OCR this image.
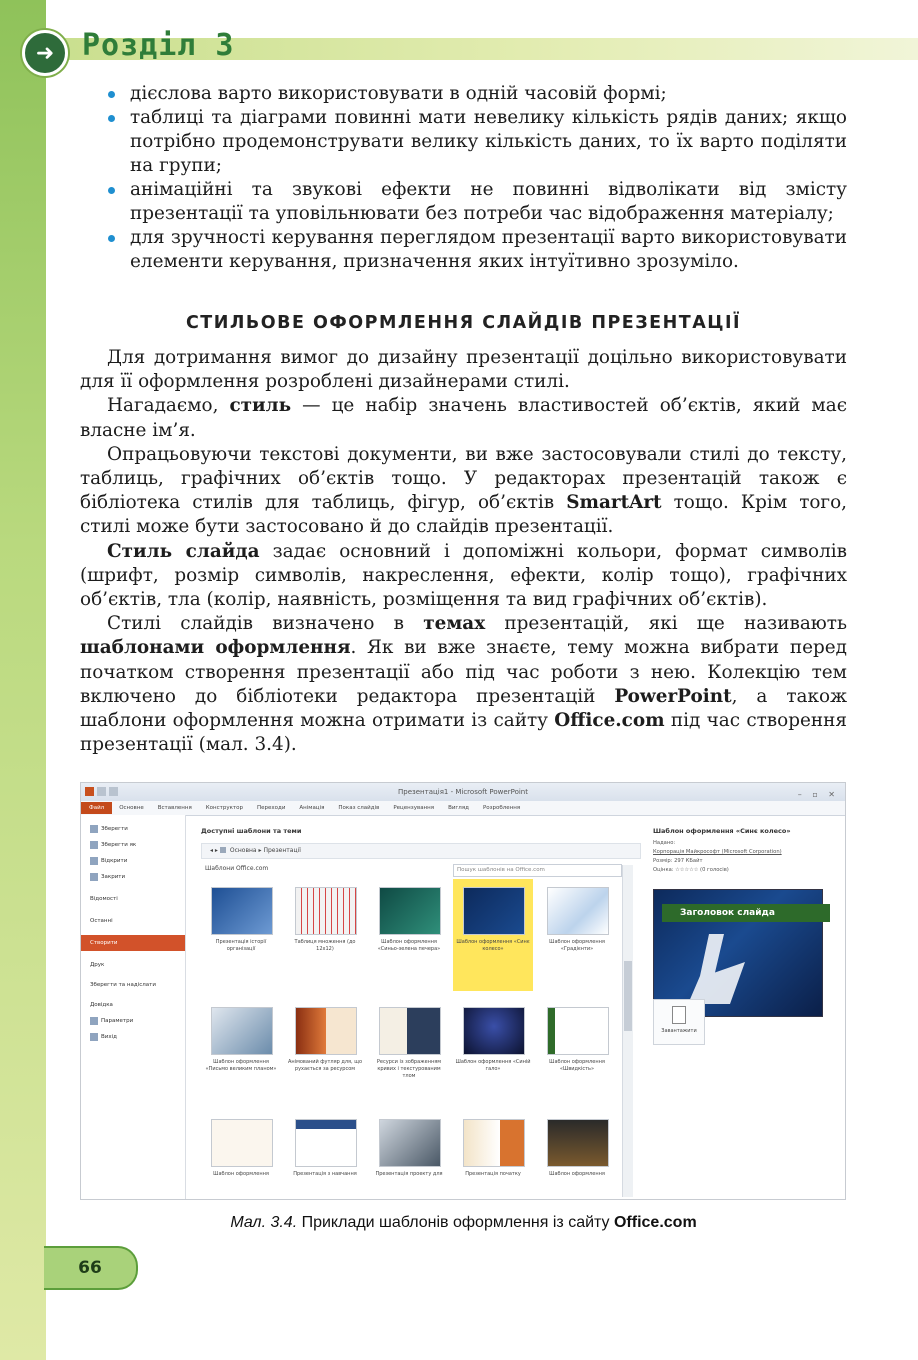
➜ Розділ 3
дієслова варто використовувати в одній часовій формі;
таблиці та діаграми повинні мати невелику кількість рядів даних; якщо потрібно продемонструвати велику кількість даних, то їх варто поділяти на групи;
анімаційні та звукові ефекти не повинні відволікати від змісту презентації та уповільнювати без потреби час відображення матеріалу;
для зручності керування переглядом презентації варто використовувати елементи керування, призначення яких інтуїтивно зрозуміло.
СТИЛЬОВЕ ОФОРМЛЕННЯ СЛАЙДІВ ПРЕЗЕНТАЦІЇ

Для дотримання вимог до дизайну презентації доцільно використовувати для її оформлення розроблені дизайнерами стилі.

Нагадаємо, стиль — це набір значень властивостей об’єктів, який має власне ім’я.

Опрацьовуючи текстові документи, ви вже застосовували стилі до тексту, таблиць, графічних об’єктів тощо. У редакторах презентацій також є бібліотека стилів для таблиць, фігур, об’єктів SmartArt тощо. Крім того, стилі може бути застосовано й до слайдів презентації.

Стиль слайда задає основний і допоміжні кольори, формат символів (шрифт, розмір символів, накреслення, ефекти, колір тощо), графічних об’єктів, тла (колір, наявність, розміщення та вид графічних об’єктів).

Стилі слайдів визначено в темах презентацій, які ще називають шаблонами оформлення. Як ви вже знаєте, тему можна вибрати перед початком створення презентації або під час роботи з нею. Колекцію тем включено до бібліотеки редактора презентацій PowerPoint, а також шаблони оформлення можна отримати із сайту Office.com під час створення презентації (мал. 3.4).

Презентація1 - Microsoft PowerPoint	– ▫ ✕
Файл	Основне	Вставлення	Конструктор	Переходи	Анімація	Показ слайдів	Рецензування	Вигляд	Розроблення
Зберегти
Зберегти як
Відкрити
Закрити
Відомості
Останні
Створити
Друк
Зберегти та надіслати
Довідка
Параметри
Вихід
Доступні шаблони та теми
◂ ▸ Основна ▸ Презентації
Шаблони Office.com	Пошук шаблонів на Office.com
Презентація історії організації
Таблиця множення (до 12x12)
Шаблон оформлення «Синьо-зелена печера»
Шаблон оформлення «Синє колесо»
Шаблон оформлення «Градієнти»
Шаблон оформлення «Письмо великим планом»
Анімований футляр для, що рухається за ресурсом
Ресурси із зображенням кривих і текстурованим тлом
Шаблон оформлення «Синій гало»
Шаблон оформлення «Швидкість»
Шаблон оформлення	Презентація з навчання	Презентація проекту для	Презентація початку	Шаблон оформлення
Шаблон оформлення «Синє колесо»
Надано:
Корпорація Майкрософт (Microsoft Corporation)
Розмір: 297 КБайт
Оцінка: ☆☆☆☆☆ (0 голосів)
Заголовок слайда
Завантажити

Мал. 3.4. Приклади шаблонів оформлення із сайту Office.com

66
